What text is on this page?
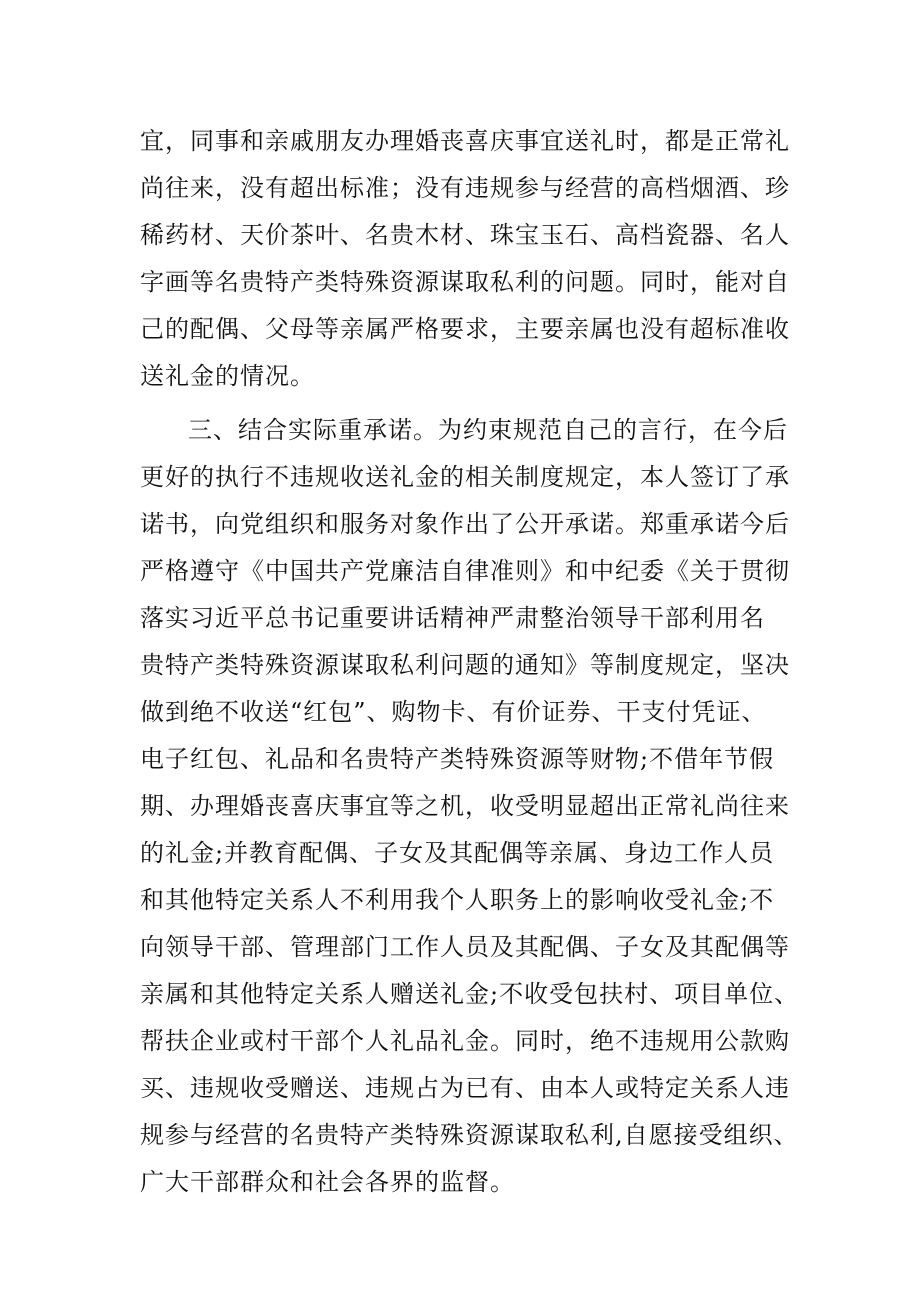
宜，同事和亲戚朋友办理婚丧喜庆事宜送礼时，都是正常礼
尚往来，没有超出标准；没有违规参与经营的高档烟酒、珍
稀药材、天价茶叶、名贵木材、珠宝玉石、高档瓷器、名人
字画等名贵特产类特殊资源谋取私利的问题。同时，能对自
己的配偶、父母等亲属严格要求，主要亲属也没有超标准收
送礼金的情况。
三、结合实际重承诺。为约束规范自己的言行，在今后
更好的执行不违规收送礼金的相关制度规定，本人签订了承
诺书，向党组织和服务对象作出了公开承诺。郑重承诺今后
严格遵守《中国共产党廉洁自律准则》和中纪委《关于贯彻
落实习近平总书记重要讲话精神严肃整治领导干部利用名
贵特产类特殊资源谋取私利问题的通知》等制度规定，坚决
做到绝不收送“红包”、购物卡、有价证券、干支付凭证、
电子红包、礼品和名贵特产类特殊资源等财物;不借年节假
期、办理婚丧喜庆事宜等之机，收受明显超出正常礼尚往来
的礼金;并教育配偶、子女及其配偶等亲属、身边工作人员
和其他特定关系人不利用我个人职务上的影响收受礼金;不
向领导干部、管理部门工作人员及其配偶、子女及其配偶等
亲属和其他特定关系人赠送礼金;不收受包扶村、项目单位、
帮扶企业或村干部个人礼品礼金。同时，绝不违规用公款购
买、违规收受赠送、违规占为已有、由本人或特定关系人违
规参与经营的名贵特产类特殊资源谋取私利,自愿接受组织、
广大干部群众和社会各界的监督。
